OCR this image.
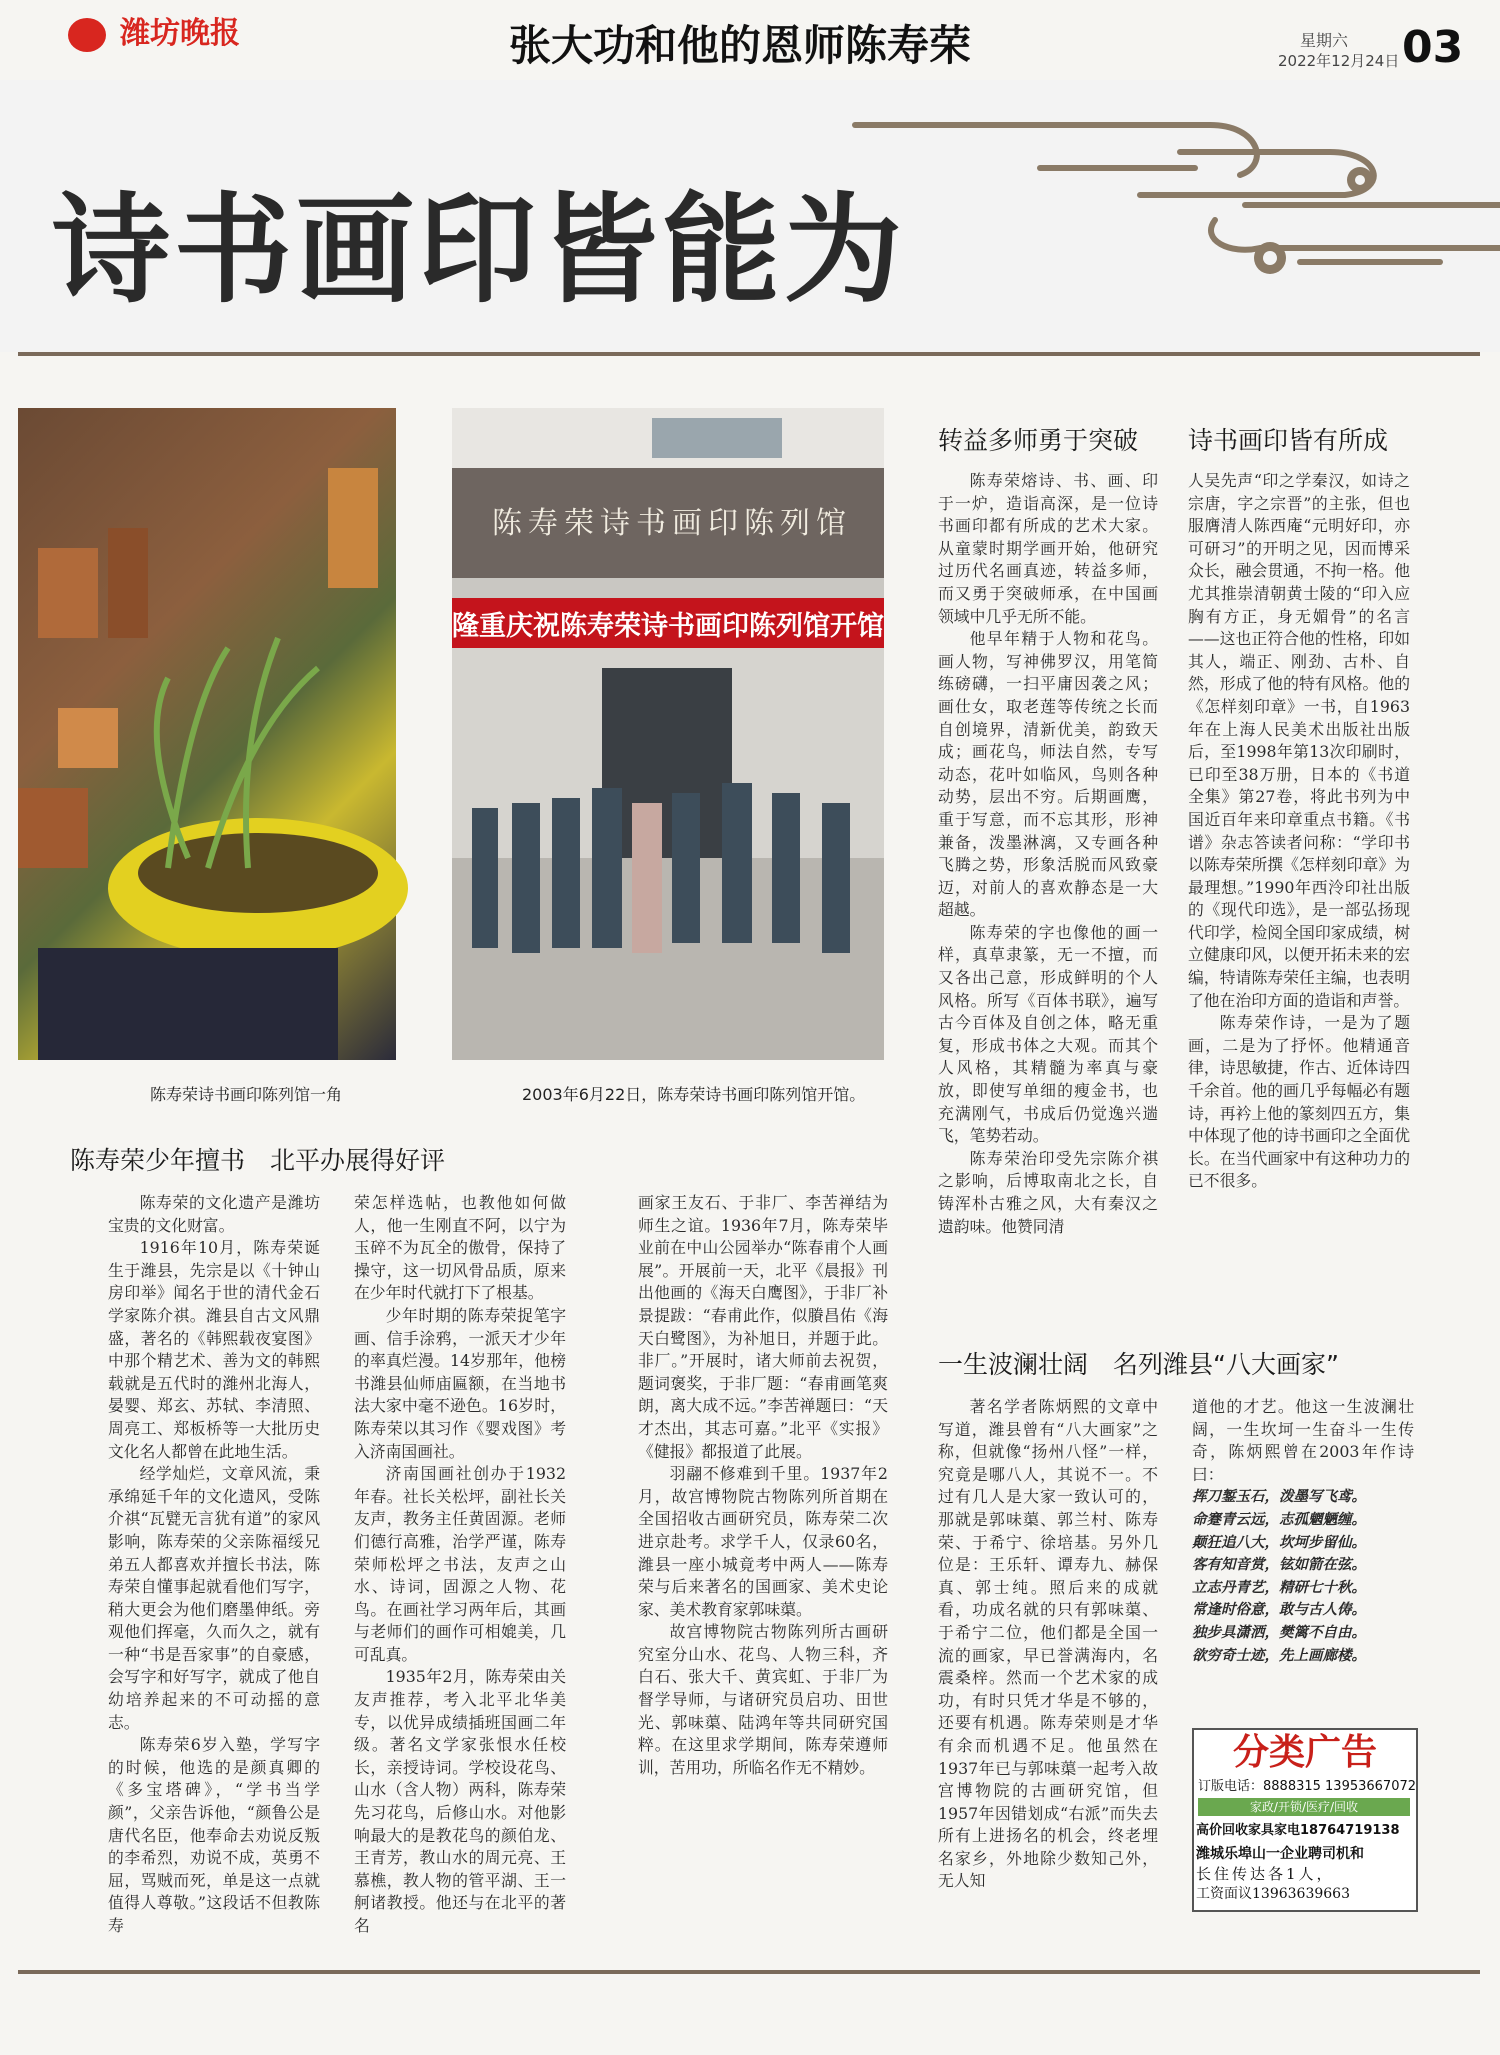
潍坊晚报	张大功和他的恩师陈寿荣	星期六
2022年12月24日 03
诗书画印皆能为
陈寿荣诗书画印陈列馆
隆重庆祝陈寿荣诗书画印陈列馆开馆
陈寿荣诗书画印陈列馆一角	2003年6月22日，陈寿荣诗书画印陈列馆开馆。
陈寿荣少年擅书　北平办展得好评

陈寿荣的文化遗产是潍坊宝贵的文化财富。

1916年10月，陈寿荣诞生于潍县，先宗是以《十钟山房印举》闻名于世的清代金石学家陈介祺。潍县自古文风鼎盛，著名的《韩熙载夜宴图》中那个精艺术、善为文的韩熙载就是五代时的潍州北海人，晏婴、郑玄、苏轼、李清照、周亮工、郑板桥等一大批历史文化名人都曾在此地生活。

经学灿烂，文章风流，秉承绵延千年的文化遗风，受陈介祺“瓦甓无言犹有道”的家风影响，陈寿荣的父亲陈福绥兄弟五人都喜欢并擅长书法，陈寿荣自懂事起就看他们写字，稍大更会为他们磨墨伸纸。旁观他们挥毫，久而久之，就有一种“书是吾家事”的自豪感，会写字和好写字，就成了他自幼培养起来的不可动摇的意志。

陈寿荣6岁入塾，学写字的时候，他选的是颜真卿的《多宝塔碑》，“学书当学颜”，父亲告诉他，“颜鲁公是唐代名臣，他奉命去劝说反叛的李希烈，劝说不成，英勇不屈，骂贼而死，单是这一点就值得人尊敬。”这段话不但教陈寿

荣怎样选帖，也教他如何做人，他一生刚直不阿，以宁为玉碎不为瓦全的傲骨，保持了操守，这一切风骨品质，原来在少年时代就打下了根基。

少年时期的陈寿荣捉笔字画、信手涂鸦，一派天才少年的率真烂漫。14岁那年，他榜书潍县仙师庙匾额，在当地书法大家中毫不逊色。16岁时，陈寿荣以其习作《婴戏图》考入济南国画社。

济南国画社创办于1932年春。社长关松坪，副社长关友声，教务主任黄固源。老师们德行高雅，治学严谨，陈寿荣师松坪之书法，友声之山水、诗词，固源之人物、花鸟。在画社学习两年后，其画与老师们的画作可相媲美，几可乱真。

1935年2月，陈寿荣由关友声推荐，考入北平北华美专，以优异成绩插班国画二年级。著名文学家张恨水任校长，亲授诗词。学校设花鸟、山水（含人物）两科，陈寿荣先习花鸟，后修山水。对他影响最大的是教花鸟的颜伯龙、王青芳，教山水的周元亮、王慕樵，教人物的管平湖、王一舸诸教授。他还与在北平的著名

画家王友石、于非厂、李苦禅结为师生之谊。1936年7月，陈寿荣毕业前在中山公园举办“陈春甫个人画展”。开展前一天，北平《晨报》刊出他画的《海天白鹰图》，于非厂补景提跋：“春甫此作，似賸昌佑《海天白鹭图》，为补旭日，并题于此。非厂。”开展时，诸大师前去祝贺，题词褒奖，于非厂题：“春甫画笔爽朗，离大成不远。”李苦禅题曰：“天才杰出，其志可嘉。”北平《实报》《健报》都报道了此展。

羽翮不修难到千里。1937年2月，故宫博物院古物陈列所首期在全国招收古画研究员，陈寿荣二次进京赴考。求学千人，仅录60名，潍县一座小城竟考中两人——陈寿荣与后来著名的国画家、美术史论家、美术教育家郭味蕖。

故宫博物院古物陈列所古画研究室分山水、花鸟、人物三科，齐白石、张大千、黄宾虹、于非厂为督学导师，与诸研究员启功、田世光、郭味蕖、陆鸿年等共同研究国粹。在这里求学期间，陈寿荣遵师训，苦用功，所临名作无不精妙。

转益多师勇于突破	诗书画印皆有所成

陈寿荣熔诗、书、画、印于一炉，造诣高深，是一位诗书画印都有所成的艺术大家。从童蒙时期学画开始，他研究过历代名画真迹，转益多师，而又勇于突破师承，在中国画领域中几乎无所不能。

他早年精于人物和花鸟。画人物，写神佛罗汉，用笔简练磅礴，一扫平庸因袭之风；画仕女，取老莲等传统之长而自创境界，清新优美，韵致天成；画花鸟，师法自然，专写动态，花叶如临风，鸟则各种动势，层出不穷。后期画鹰，重于写意，而不忘其形，形神兼备，泼墨淋漓，又专画各种飞腾之势，形象活脱而风致豪迈，对前人的喜欢静态是一大超越。

陈寿荣的字也像他的画一样，真草隶篆，无一不擅，而又各出己意，形成鲜明的个人风格。所写《百体书联》，遍写古今百体及自创之体，略无重复，形成书体之大观。而其个人风格，其精髓为率真与豪放，即使写单细的瘦金书，也充满刚气，书成后仍觉逸兴遄飞，笔势若动。

陈寿荣治印受先宗陈介祺之影响，后博取南北之长，自铸浑朴古雅之风，大有秦汉之遗韵味。他赞同清

人吴先声“印之学秦汉，如诗之宗唐，字之宗晋”的主张，但也服膺清人陈西庵“元明好印，亦可研习”的开明之见，因而博采众长，融会贯通，不拘一格。他尤其推崇清朝黄士陵的“印入应胸有方正，身无媚骨”的名言——这也正符合他的性格，印如其人，端正、刚劲、古朴、自然，形成了他的特有风格。他的《怎样刻印章》一书，自1963年在上海人民美术出版社出版后，至1998年第13次印刷时，已印至38万册，日本的《书道全集》第27卷，将此书列为中国近百年来印章重点书籍。《书谱》杂志答读者问称：“学印书以陈寿荣所撰《怎样刻印章》为最理想。”1990年西泠印社出版的《现代印选》，是一部弘扬现代印学，检阅全国印家成绩，树立健康印风，以便开拓未来的宏编，特请陈寿荣任主编，也表明了他在治印方面的造诣和声誉。

陈寿荣作诗，一是为了题画，二是为了抒怀。他精通音律，诗思敏捷，作古、近体诗四千余首。他的画几乎每幅必有题诗，再衿上他的篆刻四五方，集中体现了他的诗书画印之全面优长。在当代画家中有这种功力的已不很多。

一生波澜壮阔　名列潍县“八大画家”

著名学者陈炳熙的文章中写道，潍县曾有“八大画家”之称，但就像“扬州八怪”一样，究竟是哪八人，其说不一。不过有几人是大家一致认可的，那就是郭味蕖、郭兰村、陈寿荣、于希宁、徐培基。另外几位是：王乐轩、谭寿九、赫保真、郭士纯。照后来的成就看，功成名就的只有郭味蕖、于希宁二位，他们都是全国一流的画家，早已誉满海内，名震桑梓。然而一个艺术家的成功，有时只凭才华是不够的，还要有机遇。陈寿荣则是才华有余而机遇不足。他虽然在1937年已与郭味蕖一起考入故宫博物院的古画研究馆，但1957年因错划成“右派”而失去所有上进扬名的机会，终老埋名家乡，外地除少数知己外，无人知

道他的才艺。他这一生波澜壮阔，一生坎坷一生奋斗一生传奇，陈炳熙曾在2003年作诗曰：

挥刀錾玉石，泼墨写飞鸢。
命蹇青云远，志孤魍魉缠。
颠狂追八大，坎坷步留仙。
客有知音赏，铉如箭在弦。
立志丹青艺，精研七十秋。
常逢时俗意，敢与古人俦。
独步具潇洒，樊篱不自由。
欲穷奇士迹，先上画廊楼。
分类广告
订版电话：8888315 13953667072
家政/开锁/医疗/回收
高价回收家具家电18764719138
潍城乐埠山一企业聘司机和
长住传达各1人，
工资面议13963639663
